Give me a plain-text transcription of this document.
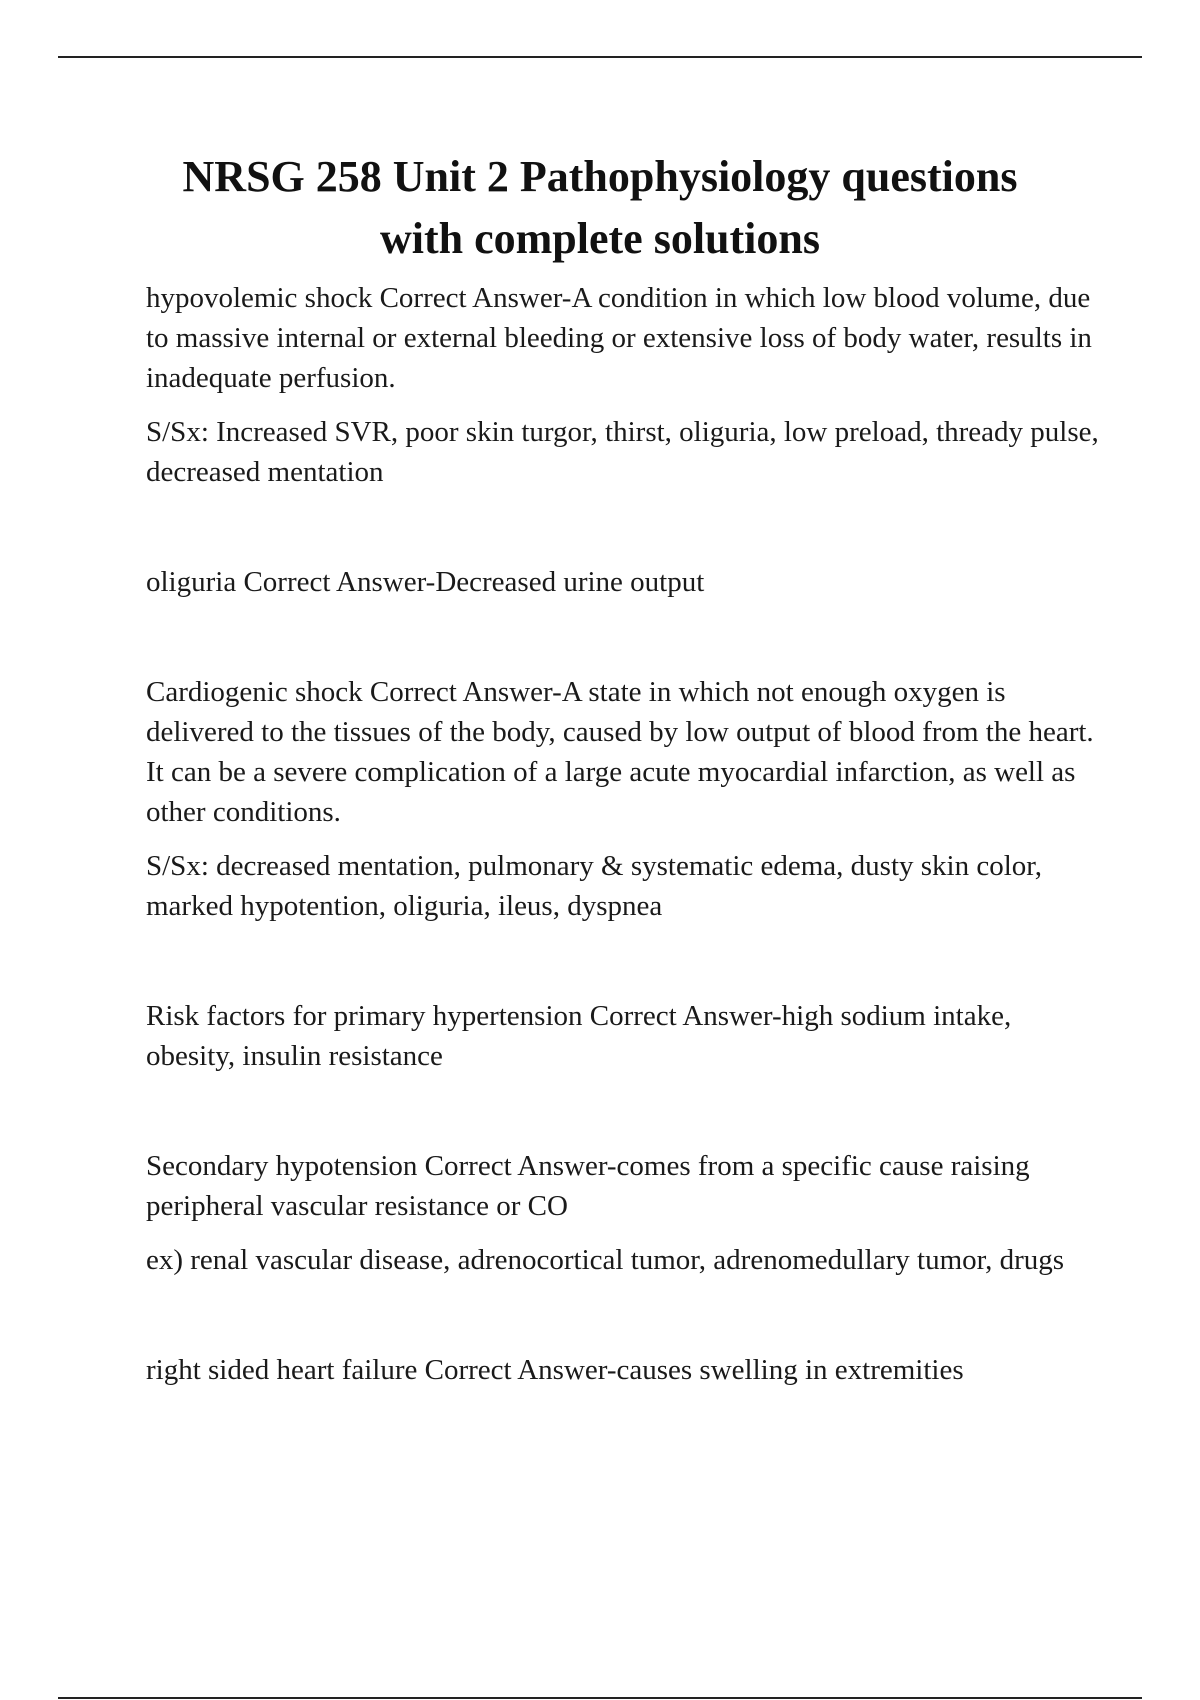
NRSG 258 Unit 2 Pathophysiology questions with complete solutions

hypovolemic shock Correct Answer-A condition in which low blood volume, due to massive internal or external bleeding or extensive loss of body water, results in inadequate perfusion.

S/Sx: Increased SVR, poor skin turgor, thirst, oliguria, low preload, thready pulse, decreased mentation

oliguria Correct Answer-Decreased urine output

Cardiogenic shock Correct Answer-A state in which not enough oxygen is delivered to the tissues of the body, caused by low output of blood from the heart. It can be a severe complication of a large acute myocardial infarction, as well as other conditions.

S/Sx: decreased mentation, pulmonary & systematic edema, dusty skin color, marked hypotention, oliguria, ileus, dyspnea

Risk factors for primary hypertension Correct Answer-high sodium intake, obesity, insulin resistance

Secondary hypotension Correct Answer-comes from a specific cause raising peripheral vascular resistance or CO

ex) renal vascular disease, adrenocortical tumor, adrenomedullary tumor, drugs

right sided heart failure Correct Answer-causes swelling in extremities
